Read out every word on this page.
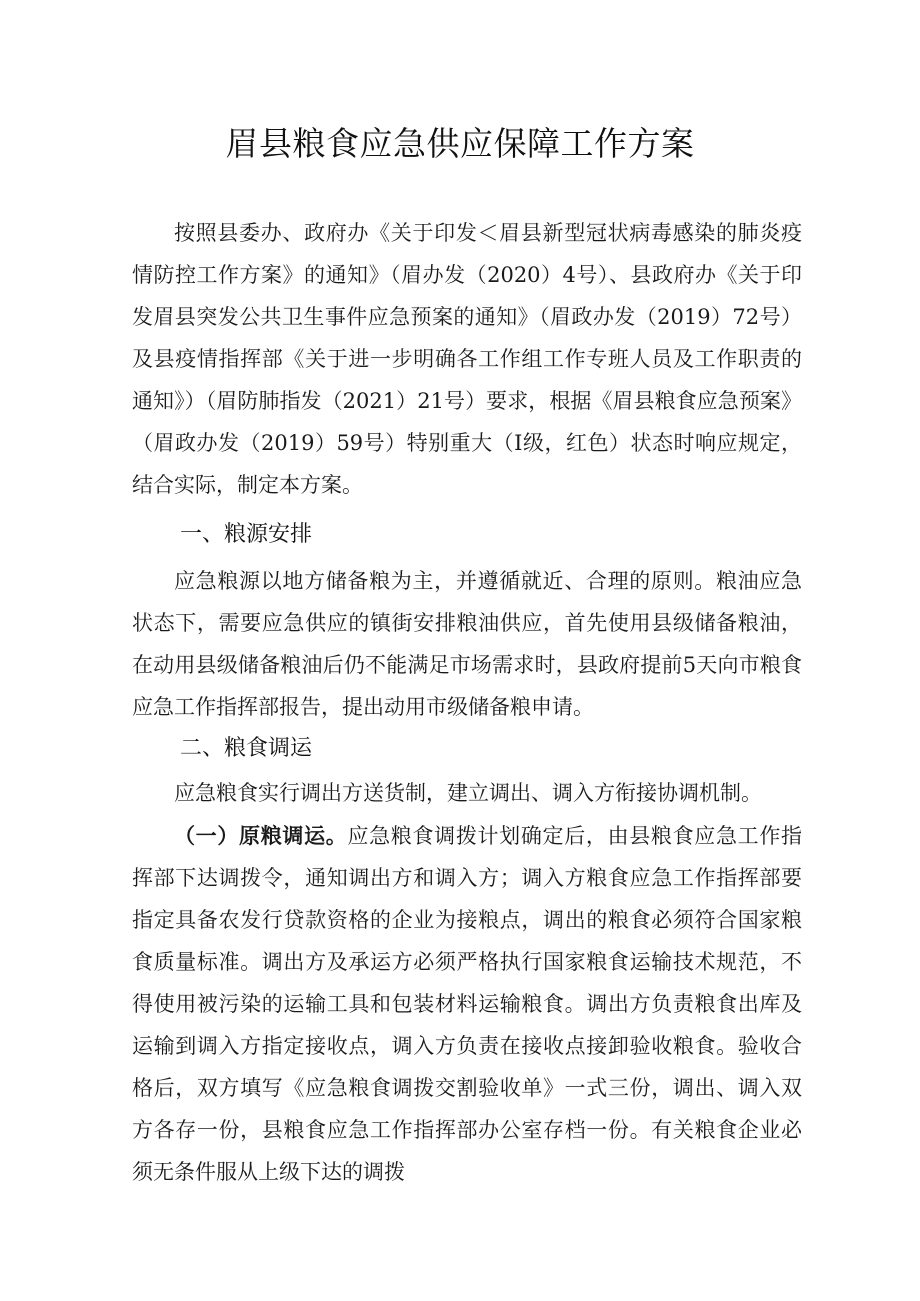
眉县粮食应急供应保障工作方案

按照县委办、政府办《关于印发＜眉县新型冠状病毒感染的肺炎疫情防控工作方案》的通知》（眉办发（2020）4号）、县政府办《关于印发眉县突发公共卫生事件应急预案的通知》（眉政办发（2019）72号）及县疫情指挥部《关于进一步明确各工作组工作专班人员及工作职责的通知》）（眉防肺指发（2021）21号）要求，根据《眉县粮食应急预案》（眉政办发（2019）59号）特别重大（I级，红色）状态时响应规定，结合实际，制定本方案。

一、粮源安排

应急粮源以地方储备粮为主，并遵循就近、合理的原则。粮油应急状态下，需要应急供应的镇街安排粮油供应，首先使用县级储备粮油，在动用县级储备粮油后仍不能满足市场需求时，县政府提前5天向市粮食应急工作指挥部报告，提出动用市级储备粮申请。

二、粮食调运

应急粮食实行调出方送货制，建立调出、调入方衔接协调机制。

（一）原粮调运。应急粮食调拨计划确定后，由县粮食应急工作指挥部下达调拨令，通知调出方和调入方；调入方粮食应急工作指挥部要指定具备农发行贷款资格的企业为接粮点，调出的粮食必须符合国家粮食质量标准。调出方及承运方必须严格执行国家粮食运输技术规范，不得使用被污染的运输工具和包装材料运输粮食。调出方负责粮食出库及运输到调入方指定接收点，调入方负责在接收点接卸验收粮食。验收合格后，双方填写《应急粮食调拨交割验收单》一式三份，调出、调入双方各存一份，县粮食应急工作指挥部办公室存档一份。有关粮食企业必须无条件服从上级下达的调拨
